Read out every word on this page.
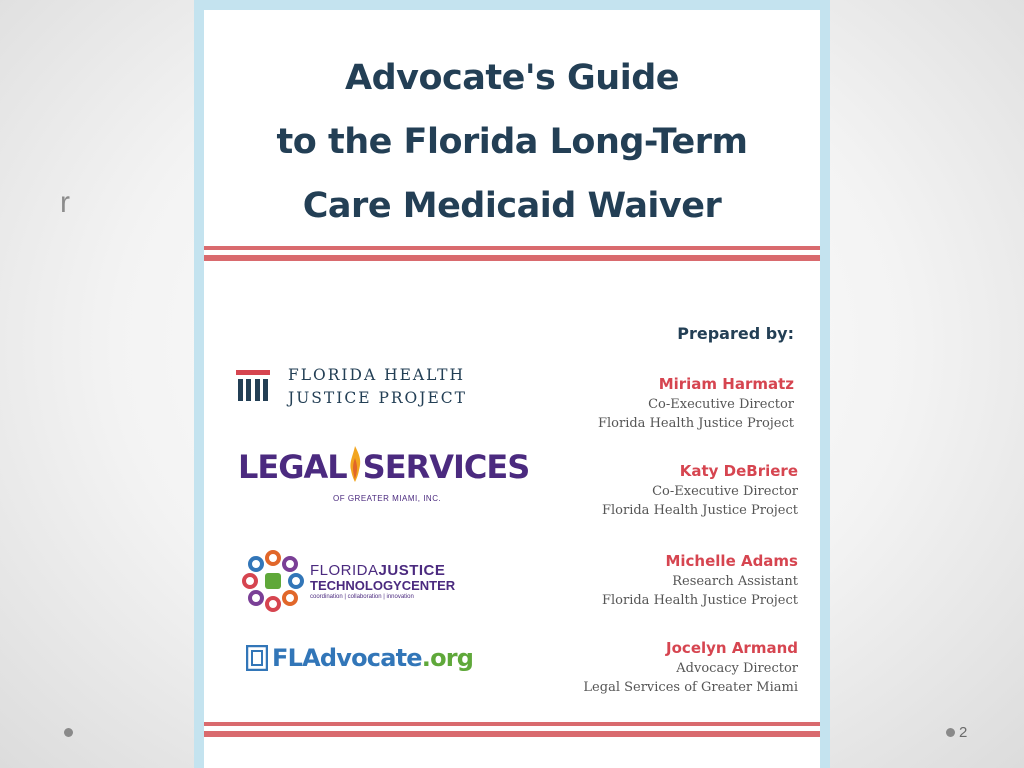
r
2
Advocate's Guide
to the Florida Long-Term
Care Medicaid Waiver
FLORIDA HEALTH
JUSTICE PROJECT
LEGAL SERVICES
OF GREATER MIAMI, INC.
FLORIDAJUSTICE
TECHNOLOGYCENTER
coordination | collaboration | innovation
FLAdvocate.org
Prepared by:
Miriam Harmatz
Co-Executive Director
Florida Health Justice Project
Katy DeBriere
Co-Executive Director
Florida Health Justice Project
Michelle Adams
Research Assistant
Florida Health Justice Project
Jocelyn Armand
Advocacy Director
Legal Services of Greater Miami
